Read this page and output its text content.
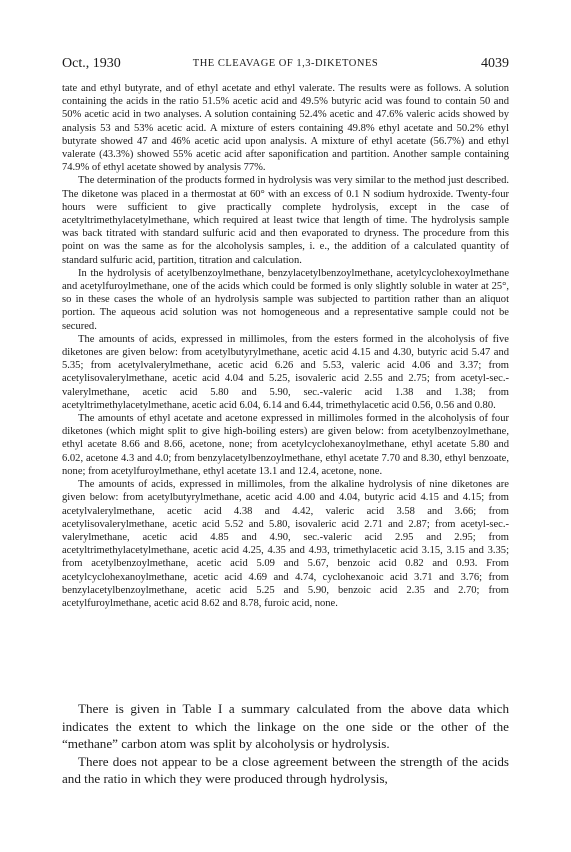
Oct., 1930	THE CLEAVAGE OF 1,3-DIKETONES	4039

tate and ethyl butyrate, and of ethyl acetate and ethyl valerate. The results were as follows. A solution containing the acids in the ratio 51.5% acetic acid and 49.5% butyric acid was found to contain 50 and 50% acetic acid in two analyses. A solution containing 52.4% acetic and 47.6% valeric acids showed by analysis 53 and 53% acetic acid. A mixture of esters containing 49.8% ethyl acetate and 50.2% ethyl butyrate showed 47 and 46% acetic acid upon analysis. A mixture of ethyl acetate (56.7%) and ethyl valerate (43.3%) showed 55% acetic acid after saponification and partition. Another sample containing 74.9% of ethyl acetate showed by analysis 77%.

The determination of the products formed in hydrolysis was very similar to the method just described. The diketone was placed in a thermostat at 60° with an excess of 0.1 N sodium hydroxide. Twenty-four hours were sufficient to give practically complete hydrolysis, except in the case of acetyltrimethylacetylmethane, which required at least twice that length of time. The hydrolysis sample was back titrated with standard sulfuric acid and then evaporated to dryness. The procedure from this point on was the same as for the alcoholysis samples, i. e., the addition of a calculated quantity of standard sulfuric acid, partition, titration and calculation.

In the hydrolysis of acetylbenzoylmethane, benzylacetylbenzoylmethane, acetylcyclohexoylmethane and acetylfuroylmethane, one of the acids which could be formed is only slightly soluble in water at 25°, so in these cases the whole of an hydrolysis sample was subjected to partition rather than an aliquot portion. The aqueous acid solution was not homogeneous and a representative sample could not be secured.

The amounts of acids, expressed in millimoles, from the esters formed in the alcoholysis of five diketones are given below: from acetylbutyrylmethane, acetic acid 4.15 and 4.30, butyric acid 5.47 and 5.35; from acetylvalerylmethane, acetic acid 6.26 and 5.53, valeric acid 4.06 and 3.37; from acetylisovalerylmethane, acetic acid 4.04 and 5.25, isovaleric acid 2.55 and 2.75; from acetyl-sec.-valerylmethane, acetic acid 5.80 and 5.90, sec.-valeric acid 1.38 and 1.38; from acetyltrimethylacetylmethane, acetic acid 6.04, 6.14 and 6.44, trimethylacetic acid 0.56, 0.56 and 0.80.

The amounts of ethyl acetate and acetone expressed in millimoles formed in the alcoholysis of four diketones (which might split to give high-boiling esters) are given below: from acetylbenzoylmethane, ethyl acetate 8.66 and 8.66, acetone, none; from acetylcyclohexanoylmethane, ethyl acetate 5.80 and 6.02, acetone 4.3 and 4.0; from benzylacetylbenzoylmethane, ethyl acetate 7.70 and 8.30, ethyl benzoate, none; from acetylfuroylmethane, ethyl acetate 13.1 and 12.4, acetone, none.

The amounts of acids, expressed in millimoles, from the alkaline hydrolysis of nine diketones are given below: from acetylbutyrylmethane, acetic acid 4.00 and 4.04, butyric acid 4.15 and 4.15; from acetylvalerylmethane, acetic acid 4.38 and 4.42, valeric acid 3.58 and 3.66; from acetylisovalerylmethane, acetic acid 5.52 and 5.80, isovaleric acid 2.71 and 2.87; from acetyl-sec.-valerylmethane, acetic acid 4.85 and 4.90, sec.-valeric acid 2.95 and 2.95; from acetyltrimethylacetylmethane, acetic acid 4.25, 4.35 and 4.93, trimethylacetic acid 3.15, 3.15 and 3.35; from acetylbenzoylmethane, acetic acid 5.09 and 5.67, benzoic acid 0.82 and 0.93. From acetylcyclohexanoylmethane, acetic acid 4.69 and 4.74, cyclohexanoic acid 3.71 and 3.76; from benzylacetylbenzoylmethane, acetic acid 5.25 and 5.90, benzoic acid 2.35 and 2.70; from acetylfuroylmethane, acetic acid 8.62 and 8.78, furoic acid, none.

There is given in Table I a summary calculated from the above data which indicates the extent to which the linkage on the one side or the other of the “methane” carbon atom was split by alcoholysis or hydrolysis.

There does not appear to be a close agreement between the strength of the acids and the ratio in which they were produced through hydrolysis,
